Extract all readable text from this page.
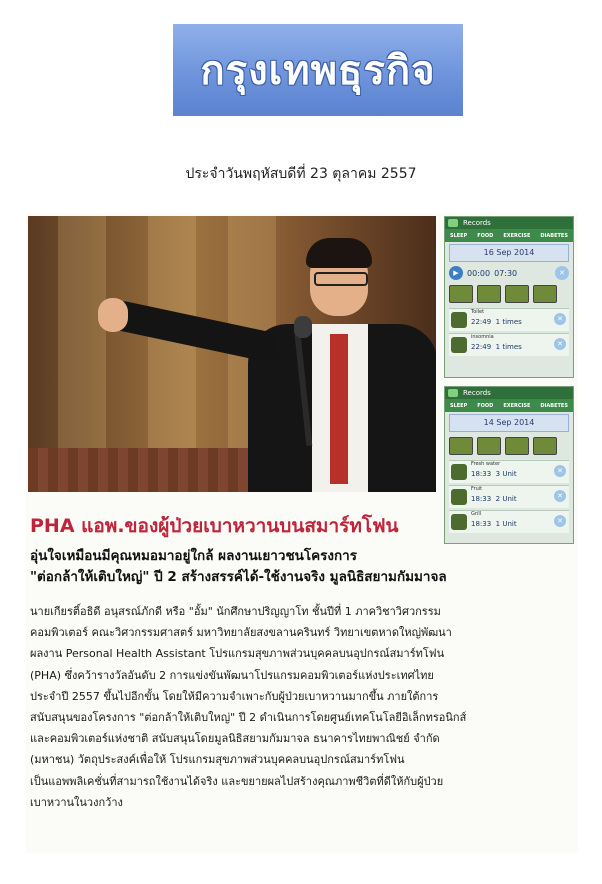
กรุงเทพธุรกิจ
ประจำวันพฤหัสบดีที่ 23 ตุลาคม 2557
Records
SLEEP FOOD EXERCISE DIABETES
16 Sep 2014
▶	00:00 07:30	✕
Toilet
22:49 1 times	✕
insomnia
22:49 1 times	✕
Records
SLEEP FOOD EXERCISE DIABETES
14 Sep 2014
Fresh water
18:33 3 Unit	✕
Fruit
18:33 2 Unit	✕
Grill
18:33 1 Unit	✕
PHA แอพ.ของผู้ป่วยเบาหวานบนสมาร์ทโฟน
อุ่นใจเหมือนมีคุณหมอมาอยู่ใกล้ ผลงานเยาวชนโครงการ
"ต่อกล้าให้เติบใหญ่" ปี 2 สร้างสรรค์ได้-ใช้งานจริง มูลนิธิสยามกัมมาจล
นายเกียรติ์อธิดี อนุสรณ์ภักดี หรือ "อั้ม" นักศึกษาปริญญาโท ชั้นปีที่ 1 ภาควิชาวิศวกรรม
คอมพิวเตอร์ คณะวิศวกรรมศาสตร์ มหาวิทยาลัยสงขลานครินทร์ วิทยาเขตหาดใหญ่พัฒนา
ผลงาน Personal Health Assistant โปรแกรมสุขภาพส่วนบุคคลบนอุปกรณ์สมาร์ทโฟน
(PHA) ซึ่งคว้ารางวัลอันดับ 2 การแข่งขันพัฒนาโปรแกรมคอมพิวเตอร์แห่งประเทศไทย
ประจำปี 2557 ขึ้นไปอีกขั้น โดยให้มีความจำเพาะกับผู้ป่วยเบาหวานมากขึ้น ภายใต้การ
สนับสนุนของโครงการ "ต่อกล้าให้เติบใหญ่" ปี 2 ดำเนินการโดยศูนย์เทคโนโลยีอิเล็กทรอนิกส์
และคอมพิวเตอร์แห่งชาติ สนับสนุนโดยมูลนิธิสยามกัมมาจล ธนาคารไทยพาณิชย์ จำกัด
(มหาชน) วัตถุประสงค์เพื่อให้ โปรแกรมสุขภาพส่วนบุคคลบนอุปกรณ์สมาร์ทโฟน
เป็นแอพพลิเคชั่นที่สามารถใช้งานได้จริง และขยายผลไปสร้างคุณภาพชีวิตที่ดีให้กับผู้ป่วย
เบาหวานในวงกว้าง
